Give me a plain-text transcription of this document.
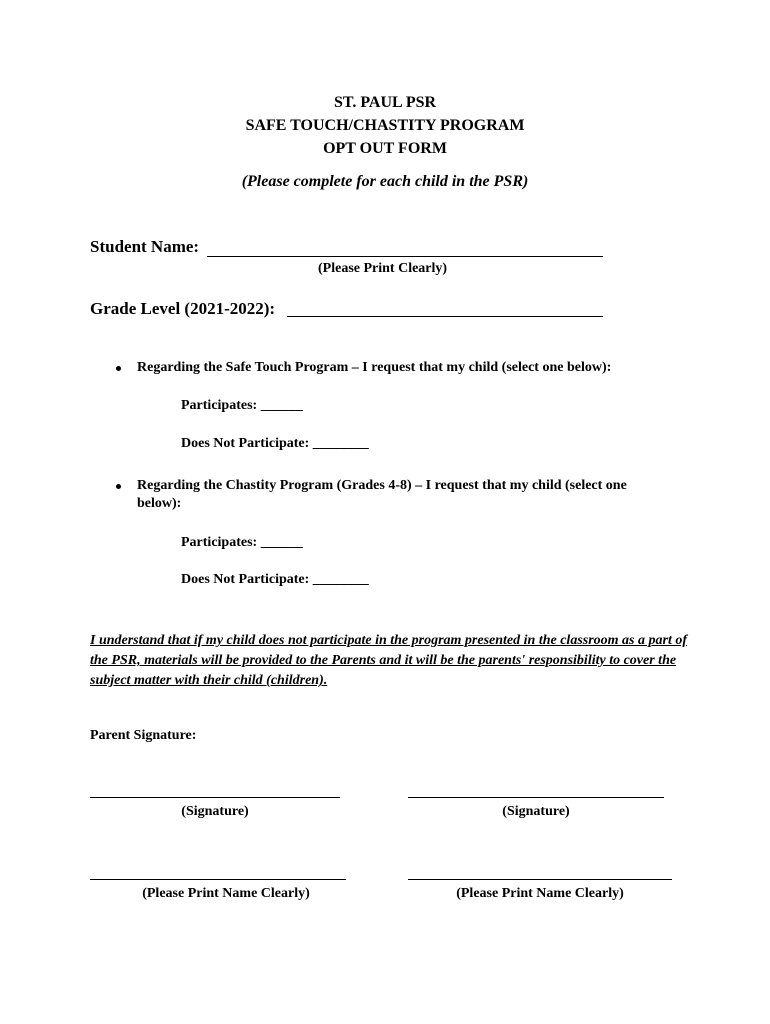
ST. PAUL PSR
SAFE TOUCH/CHASTITY PROGRAM
OPT OUT FORM
(Please complete for each child in the PSR)
Student Name:
(Please Print Clearly)
Grade Level (2021-2022):
Regarding the Safe Touch Program – I request that my child (select one below):
Participates: ______
Does Not Participate: ________
Regarding the Chastity Program (Grades 4-8) – I request that my child (select one
below):
Participates: ______
Does Not Participate: ________
I understand that if my child does not participate in the program presented in the classroom as a part of the PSR, materials will be provided to the Parents and it will be the parents' responsibility to cover the subject matter with their child (children).
Parent Signature:
(Signature)	(Signature)
(Please Print Name Clearly)	(Please Print Name Clearly)
